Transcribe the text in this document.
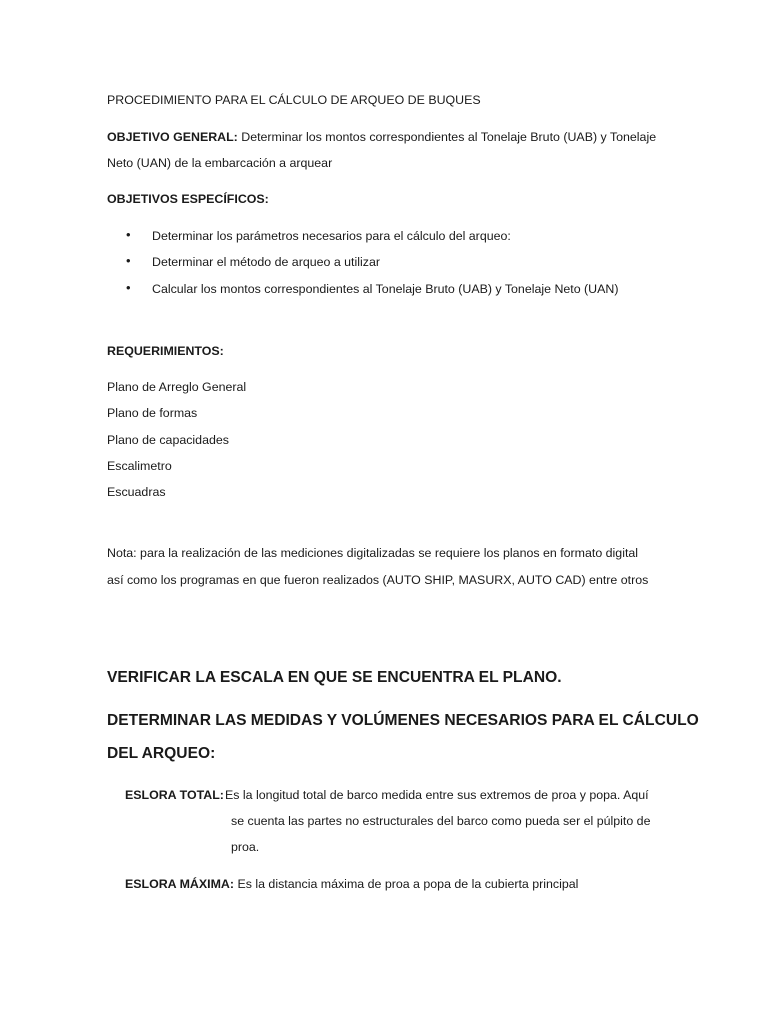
PROCEDIMIENTO PARA EL CÁLCULO DE ARQUEO DE BUQUES
OBJETIVO GENERAL: Determinar los montos correspondientes al Tonelaje Bruto (UAB) y Tonelaje
Neto (UAN) de la embarcación a arquear
OBJETIVOS ESPECÍFICOS:
• Determinar los parámetros necesarios para el cálculo del arqueo:
• Determinar el método de arqueo a utilizar
• Calcular los montos correspondientes al Tonelaje Bruto (UAB) y Tonelaje Neto (UAN)
REQUERIMIENTOS:
Plano de Arreglo General
Plano de formas
Plano de capacidades
Escalimetro
Escuadras
Nota: para la realización de las mediciones digitalizadas se requiere los planos en formato digital
así como los programas en que fueron realizados (AUTO SHIP, MASURX, AUTO CAD) entre otros
VERIFICAR LA ESCALA EN QUE SE ENCUENTRA EL PLANO.
DETERMINAR LAS MEDIDAS Y VOLÚMENES NECESARIOS PARA EL CÁLCULO
DEL ARQUEO:
ESLORA TOTAL: Es la longitud total de barco medida entre sus extremos de proa y popa. Aquí
se cuenta las partes no estructurales del barco como pueda ser el púlpito de
proa.
ESLORA MÁXIMA: Es la distancia máxima de proa a popa de la cubierta principal
